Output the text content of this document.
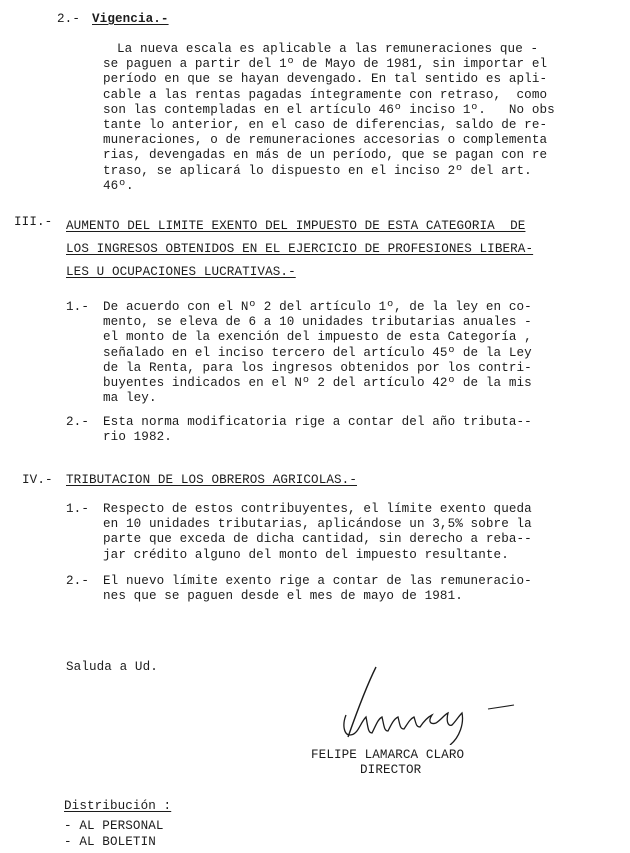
2.- Vigencia.-
La nueva escala es aplicable a las remuneraciones que -
se paguen a partir del 1º de Mayo de 1981, sin importar el
período en que se hayan devengado. En tal sentido es apli-
cable a las rentas pagadas íntegramente con retraso,  como
son las contempladas en el artículo 46º inciso 1º.   No obs
tante lo anterior, en el caso de diferencias, saldo de re-
muneraciones, o de remuneraciones accesorias o complementa
rias, devengadas en más de un período, que se pagan con re
traso, se aplicará lo dispuesto en el inciso 2º del art.
46º.
III.- AUMENTO DEL LIMITE EXENTO DEL IMPUESTO DE ESTA CATEGORIA  DE
LOS INGRESOS OBTENIDOS EN EL EJERCICIO DE PROFESIONES LIBERA-
LES U OCUPACIONES LUCRATIVAS.-
1.- De acuerdo con el Nº 2 del artículo 1º, de la ley en co-
mento, se eleva de 6 a 10 unidades tributarias anuales -
el monto de la exención del impuesto de esta Categoría ,
señalado en el inciso tercero del artículo 45º de la Ley
de la Renta, para los ingresos obtenidos por los contri-
buyentes indicados en el Nº 2 del artículo 42º de la mis
ma ley.
2.- Esta norma modificatoria rige a contar del año tributa--
rio 1982.
IV.- TRIBUTACION DE LOS OBREROS AGRICOLAS.-
1.- Respecto de estos contribuyentes, el límite exento queda
en 10 unidades tributarias, aplicándose un 3,5% sobre la
parte que exceda de dicha cantidad, sin derecho a reba--
jar crédito alguno del monto del impuesto resultante.
2.- El nuevo límite exento rige a contar de las remuneracio-
nes que se paguen desde el mes de mayo de 1981.
Saluda a Ud.
FELIPE LAMARCA CLARO
DIRECTOR
Distribución :
- AL PERSONAL
- AL BOLETIN
